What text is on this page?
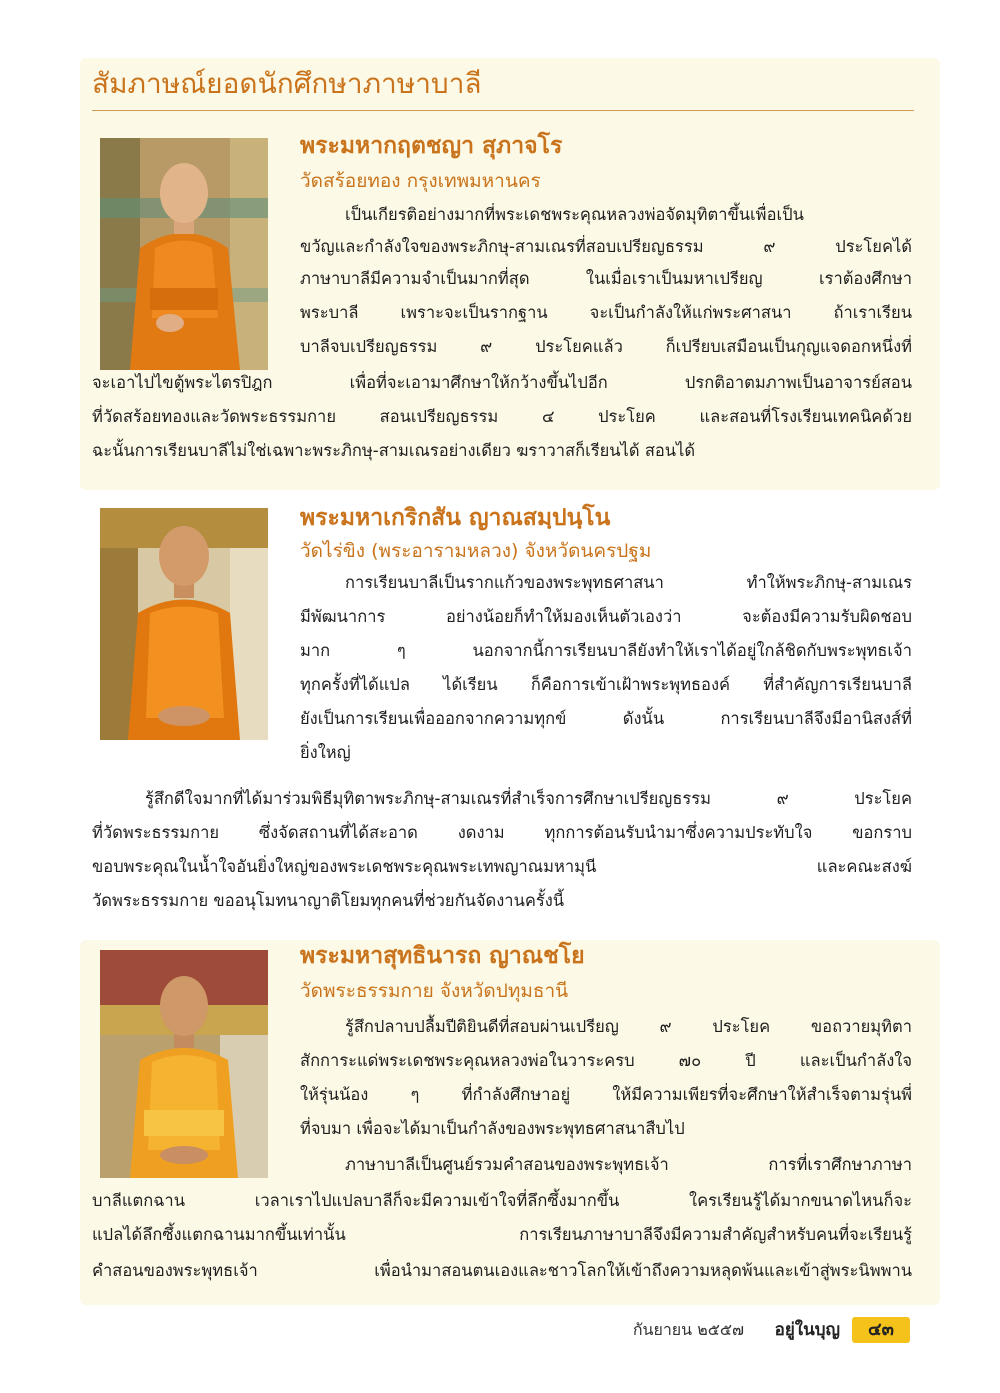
สัมภาษณ์ยอดนักศึกษาภาษาบาลี
พระมหากฤตชญา สุภาจโร
วัดสร้อยทอง กรุงเทพมหานคร
เป็นเกียรติอย่างมากที่พระเดชพระคุณหลวงพ่อจัดมุทิตาขึ้นเพื่อเป็น
ขวัญและกำลังใจของพระภิกษุ-สามเณรที่สอบเปรียญธรรม ๙ ประโยคได้
ภาษาบาลีมีความจำเป็นมากที่สุด ในเมื่อเราเป็นมหาเปรียญ เราต้องศึกษา
พระบาลี เพราะจะเป็นรากฐาน จะเป็นกำลังให้แก่พระศาสนา ถ้าเราเรียน
บาลีจบเปรียญธรรม ๙ ประโยคแล้ว ก็เปรียบเสมือนเป็นกุญแจดอกหนึ่งที่
จะเอาไปไขตู้พระไตรปิฎก เพื่อที่จะเอามาศึกษาให้กว้างขึ้นไปอีก ปรกติอาตมภาพเป็นอาจารย์สอน
ที่วัดสร้อยทองและวัดพระธรรมกาย สอนเปรียญธรรม ๔ ประโยค และสอนที่โรงเรียนเทคนิคด้วย
ฉะนั้นการเรียนบาลีไม่ใช่เฉพาะพระภิกษุ-สามเณรอย่างเดียว ฆราวาสก็เรียนได้ สอนได้
พระมหาเกริกสัน ญาณสมฺปนฺโน
วัดไร่ขิง (พระอารามหลวง) จังหวัดนครปฐม
การเรียนบาลีเป็นรากแก้วของพระพุทธศาสนา ทำให้พระภิกษุ-สามเณร
มีพัฒนาการ อย่างน้อยก็ทำให้มองเห็นตัวเองว่า จะต้องมีความรับผิดชอบ
มาก ๆ นอกจากนี้การเรียนบาลียังทำให้เราได้อยู่ใกล้ชิดกับพระพุทธเจ้า
ทุกครั้งที่ได้แปล ได้เรียน ก็คือการเข้าเฝ้าพระพุทธองค์ ที่สำคัญการเรียนบาลี
ยังเป็นการเรียนเพื่อออกจากความทุกข์ ดังนั้น การเรียนบาลีจึงมีอานิสงส์ที่
ยิ่งใหญ่
รู้สึกดีใจมากที่ได้มาร่วมพิธีมุทิตาพระภิกษุ-สามเณรที่สำเร็จการศึกษาเปรียญธรรม ๙ ประโยค
ที่วัดพระธรรมกาย ซึ่งจัดสถานที่ได้สะอาด งดงาม ทุกการต้อนรับนำมาซึ่งความประทับใจ ขอกราบ
ขอบพระคุณในน้ำใจอันยิ่งใหญ่ของพระเดชพระคุณพระเทพญาณมหามุนี และคณะสงฆ์
วัดพระธรรมกาย ขออนุโมทนาญาติโยมทุกคนที่ช่วยกันจัดงานครั้งนี้
พระมหาสุทธินารถ ญาณชโย
วัดพระธรรมกาย จังหวัดปทุมธานี
รู้สึกปลาบปลื้มปีติยินดีที่สอบผ่านเปรียญ ๙ ประโยค ขอถวายมุทิตา
สักการะแด่พระเดชพระคุณหลวงพ่อในวาระครบ ๗๐ ปี และเป็นกำลังใจ
ให้รุ่นน้อง ๆ ที่กำลังศึกษาอยู่ ให้มีความเพียรที่จะศึกษาให้สำเร็จตามรุ่นพี่
ที่จบมา เพื่อจะได้มาเป็นกำลังของพระพุทธศาสนาสืบไป
ภาษาบาลีเป็นศูนย์รวมคำสอนของพระพุทธเจ้า การที่เราศึกษาภาษา
บาลีแตกฉาน เวลาเราไปแปลบาลีก็จะมีความเข้าใจที่ลึกซึ้งมากขึ้น ใครเรียนรู้ได้มากขนาดไหนก็จะ
แปลได้ลึกซึ้งแตกฉานมากขึ้นเท่านั้น การเรียนภาษาบาลีจึงมีความสำคัญสำหรับคนที่จะเรียนรู้
คำสอนของพระพุทธเจ้า เพื่อนำมาสอนตนเองและชาวโลกให้เข้าถึงความหลุดพ้นและเข้าสู่พระนิพพาน
กันยายน ๒๕๕๗ อยู่ในบุญ	๔๓
